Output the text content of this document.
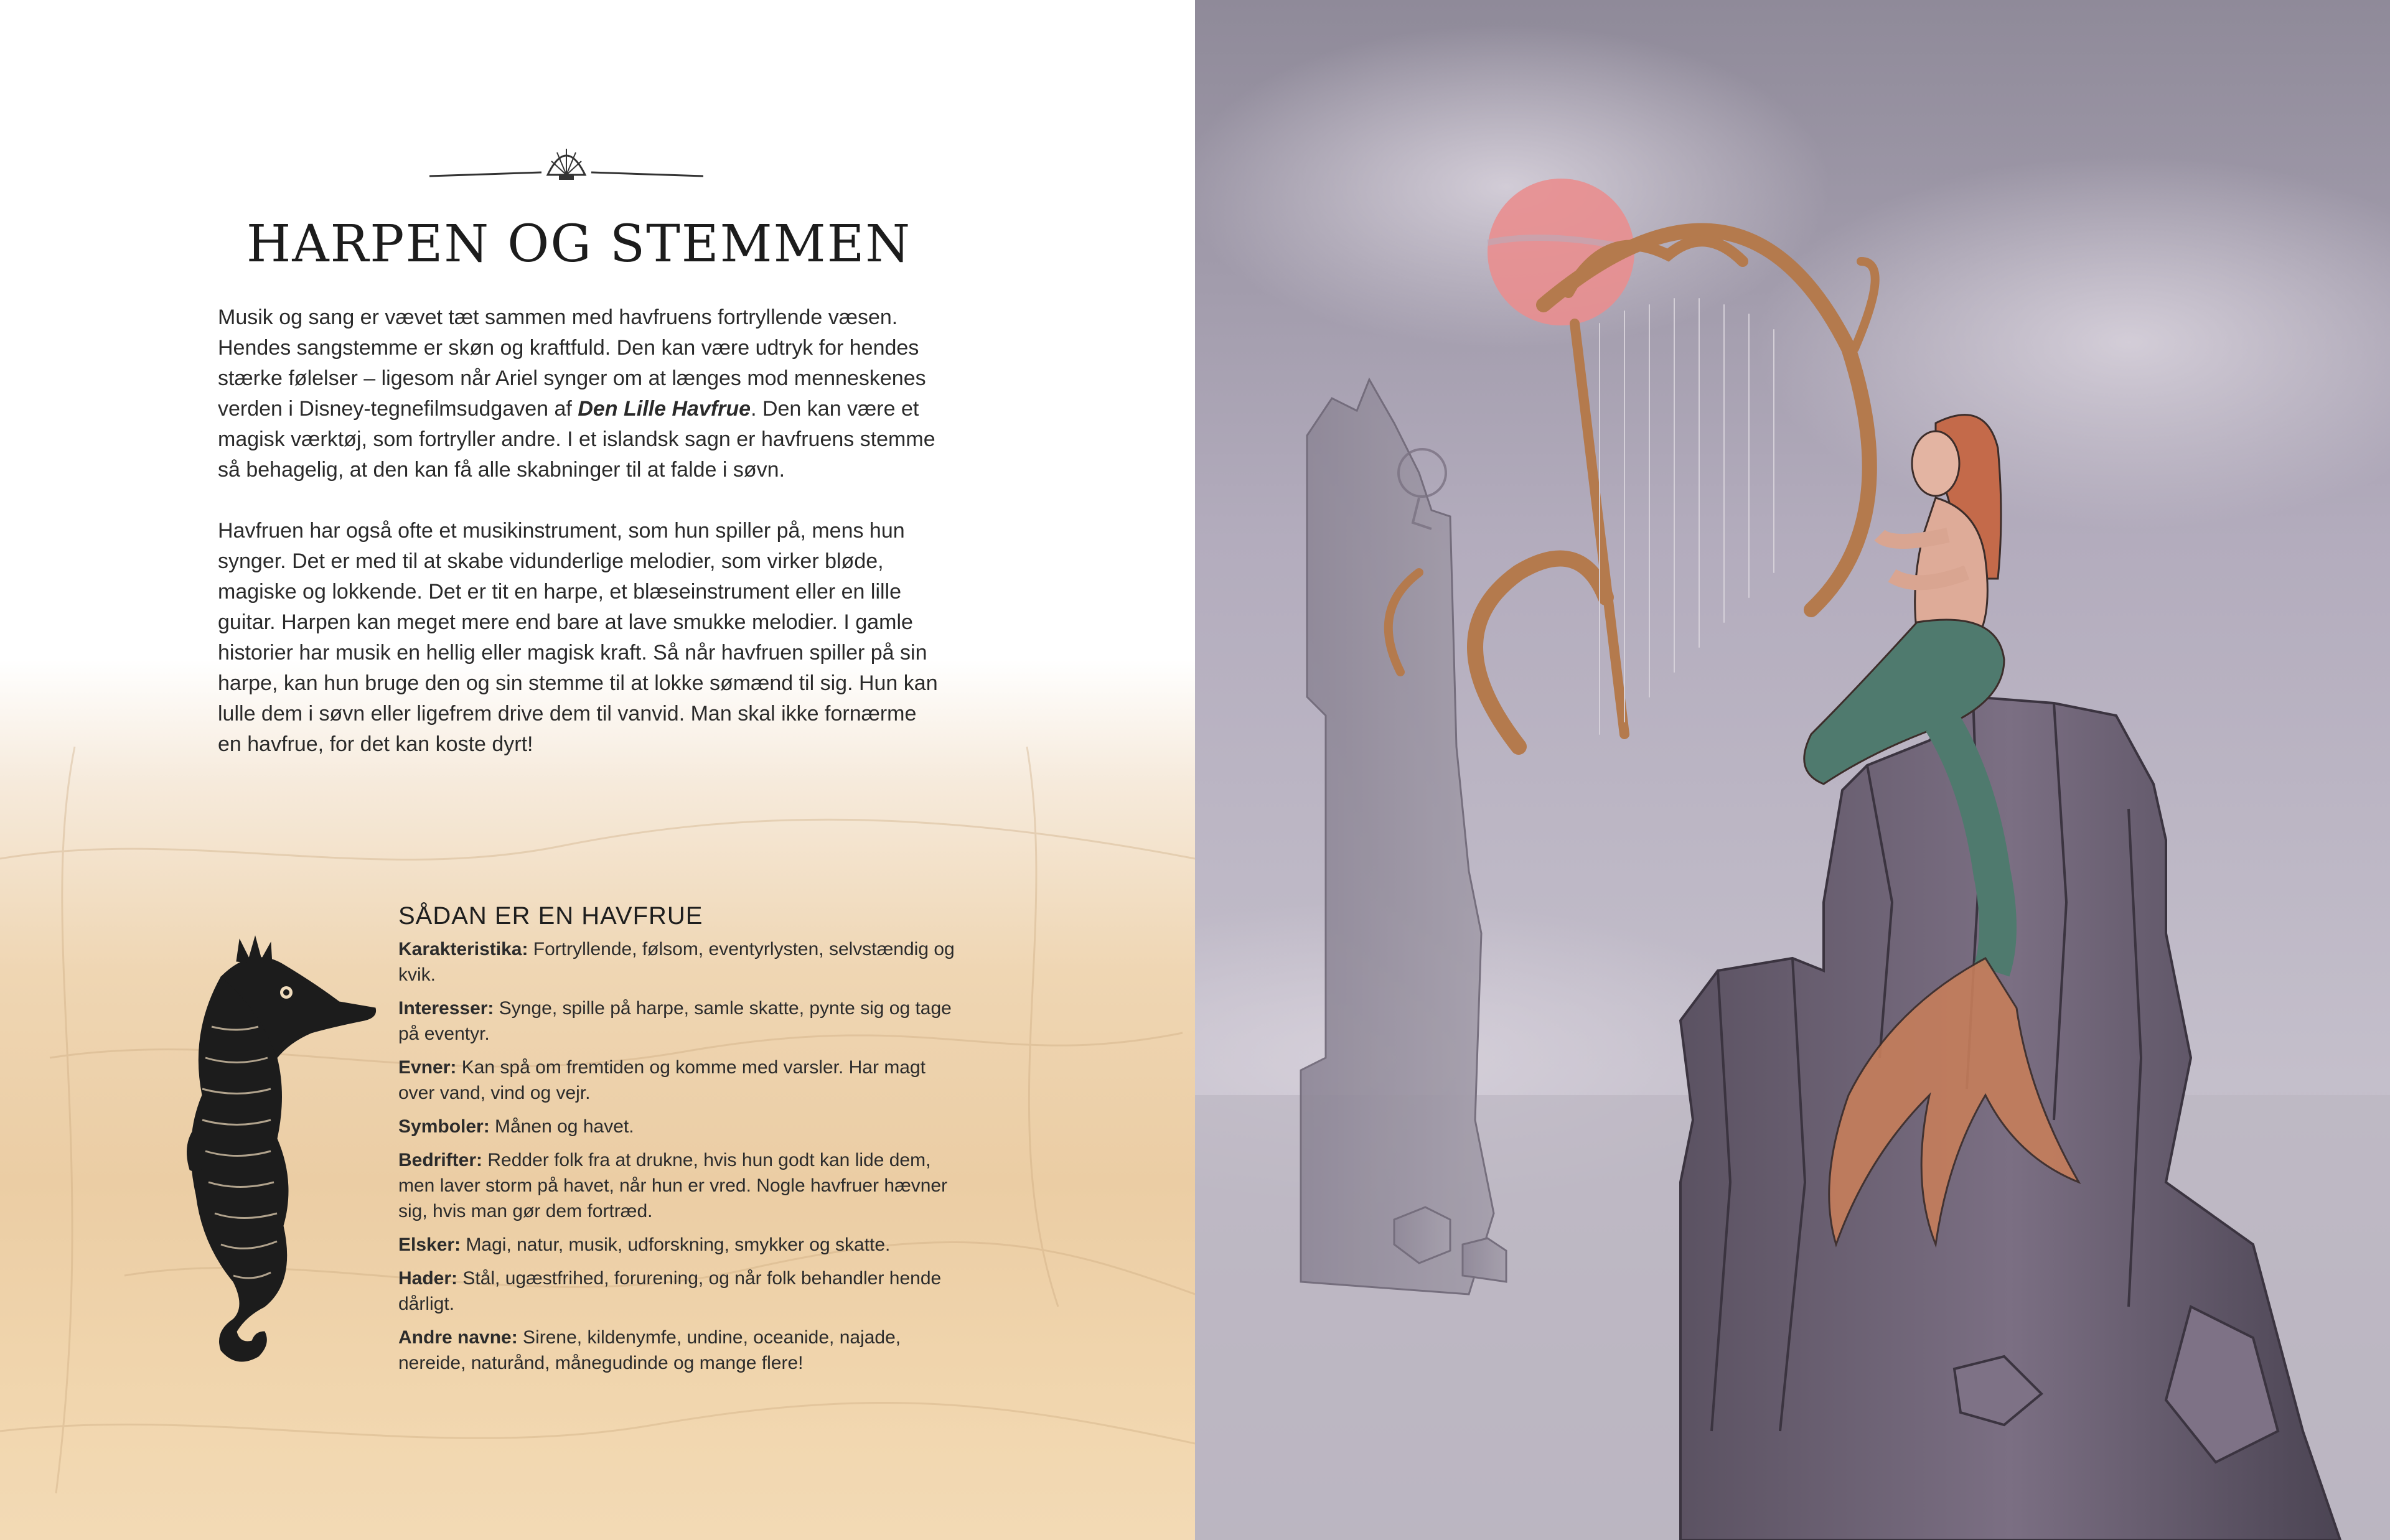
HARPEN OG STEMMEN

Musik og sang er vævet tæt sammen med havfruens fortryllende væsen. Hendes sangstemme er skøn og kraftfuld. Den kan være udtryk for hendes stærke følelser – ligesom når Ariel synger om at længes mod menneskenes verden i Disney-tegnefilmsudgaven af Den Lille Havfrue. Den kan være et magisk værktøj, som fortryller andre. I et islandsk sagn er havfruens stemme så behagelig, at den kan få alle skabninger til at falde i søvn.

Havfruen har også ofte et musikinstrument, som hun spiller på, mens hun synger. Det er med til at skabe vidunderlige melodier, som virker bløde, magiske og lokkende. Det er tit en harpe, et blæseinstrument eller en lille guitar. Harpen kan meget mere end bare at lave smukke melodier. I gamle historier har musik en hellig eller magisk kraft. Så når havfruen spiller på sin harpe, kan hun bruge den og sin stemme til at lokke sømænd til sig. Hun kan lulle dem i søvn eller ligefrem drive dem til vanvid. Man skal ikke fornærme en havfrue, for det kan koste dyrt!

SÅDAN ER EN HAVFRUE
Karakteristika: Fortryllende, følsom, eventyrlysten, selvstændig og kvik.
Interesser: Synge, spille på harpe, samle skatte, pynte sig og tage på eventyr.
Evner: Kan spå om fremtiden og komme med varsler. Har magt over vand, vind og vejr.
Symboler: Månen og havet.
Bedrifter: Redder folk fra at drukne, hvis hun godt kan lide dem, men laver storm på havet, når hun er vred. Nogle havfruer hævner sig, hvis man gør dem fortræd.
Elsker: Magi, natur, musik, udforskning, smykker og skatte.
Hader: Stål, ugæstfrihed, forurening, og når folk behandler hende dårligt.
Andre navne: Sirene, kildenymfe, undine, oceanide, najade, nereide, naturånd, månegudinde og mange flere!
